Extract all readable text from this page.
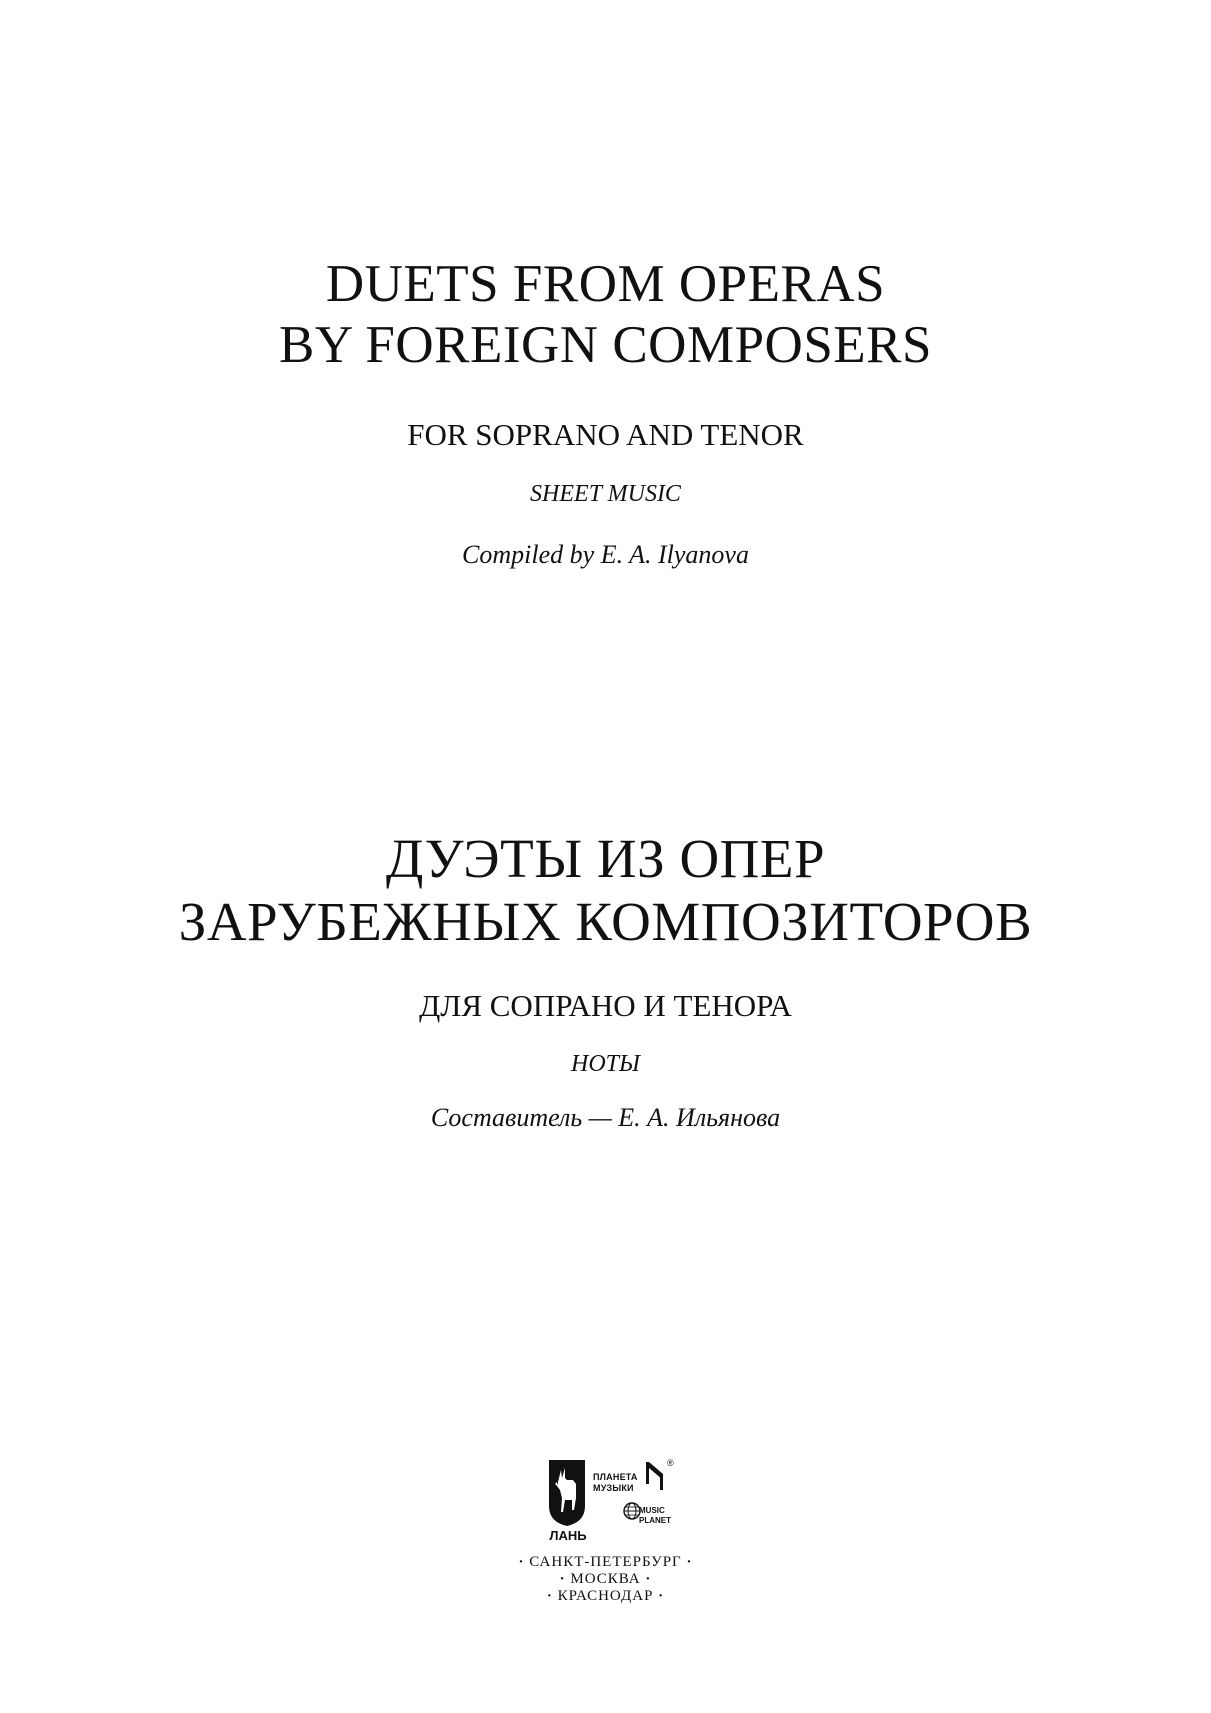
DUETS FROM OPERAS
BY FOREIGN COMPOSERS
FOR SOPRANO AND TENOR
SHEET MUSIC
Compiled by E. A. Ilyanova
ДУЭТЫ ИЗ ОПЕР
ЗАРУБЕЖНЫХ КОМПОЗИТОРОВ
ДЛЯ СОПРАНО И ТЕНОРА
НОТЫ
Составитель — Е. А. Ильянова
ЛАНЬ
ПЛАНЕТА
МУЗЫКИ
®
MUSIC
PLANET
· САНКТ-ПЕТЕРБУРГ ·
· МОСКВА ·
· КРАСНОДАР ·
